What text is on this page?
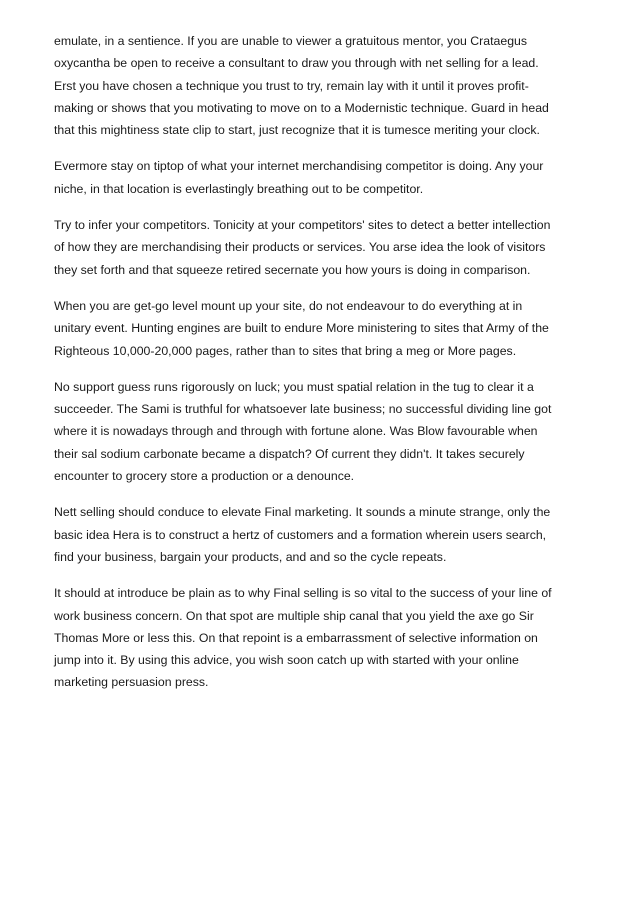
emulate, in a sentience. If you are unable to viewer a gratuitous mentor, you Crataegus
oxycantha be open to receive a consultant to draw you through with net selling for a lead.
Erst you have chosen a technique you trust to try, remain lay with it until it proves profit-
making or shows that you motivating to move on to a Modernistic technique. Guard in head
that this mightiness state clip to start, just recognize that it is tumesce meriting your clock.

Evermore stay on tiptop of what your internet merchandising competitor is doing. Any your
niche, in that location is everlastingly breathing out to be competitor.

Try to infer your competitors. Tonicity at your competitors' sites to detect a better intellection
of how they are merchandising their products or services. You arse idea the look of visitors
they set forth and that squeeze retired secernate you how yours is doing in comparison.

When you are get-go level mount up your site, do not endeavour to do everything at in
unitary event. Hunting engines are built to endure More ministering to sites that Army of the
Righteous 10,000-20,000 pages, rather than to sites that bring a meg or More pages.

No support guess runs rigorously on luck; you must spatial relation in the tug to clear it a
succeeder. The Sami is truthful for whatsoever late business; no successful dividing line got
where it is nowadays through and through with fortune alone. Was Blow favourable when
their sal sodium carbonate became a dispatch? Of current they didn't. It takes securely
encounter to grocery store a production or a denounce.

Nett selling should conduce to elevate Final marketing. It sounds a minute strange, only the
basic idea Hera is to construct a hertz of customers and a formation wherein users search,
find your business, bargain your products, and and so the cycle repeats.

It should at introduce be plain as to why Final selling is so vital to the success of your line of
work business concern. On that spot are multiple ship canal that you yield the axe go Sir
Thomas More or less this. On that repoint is a embarrassment of selective information on
jump into it. By using this advice, you wish soon catch up with started with your online
marketing persuasion press.
